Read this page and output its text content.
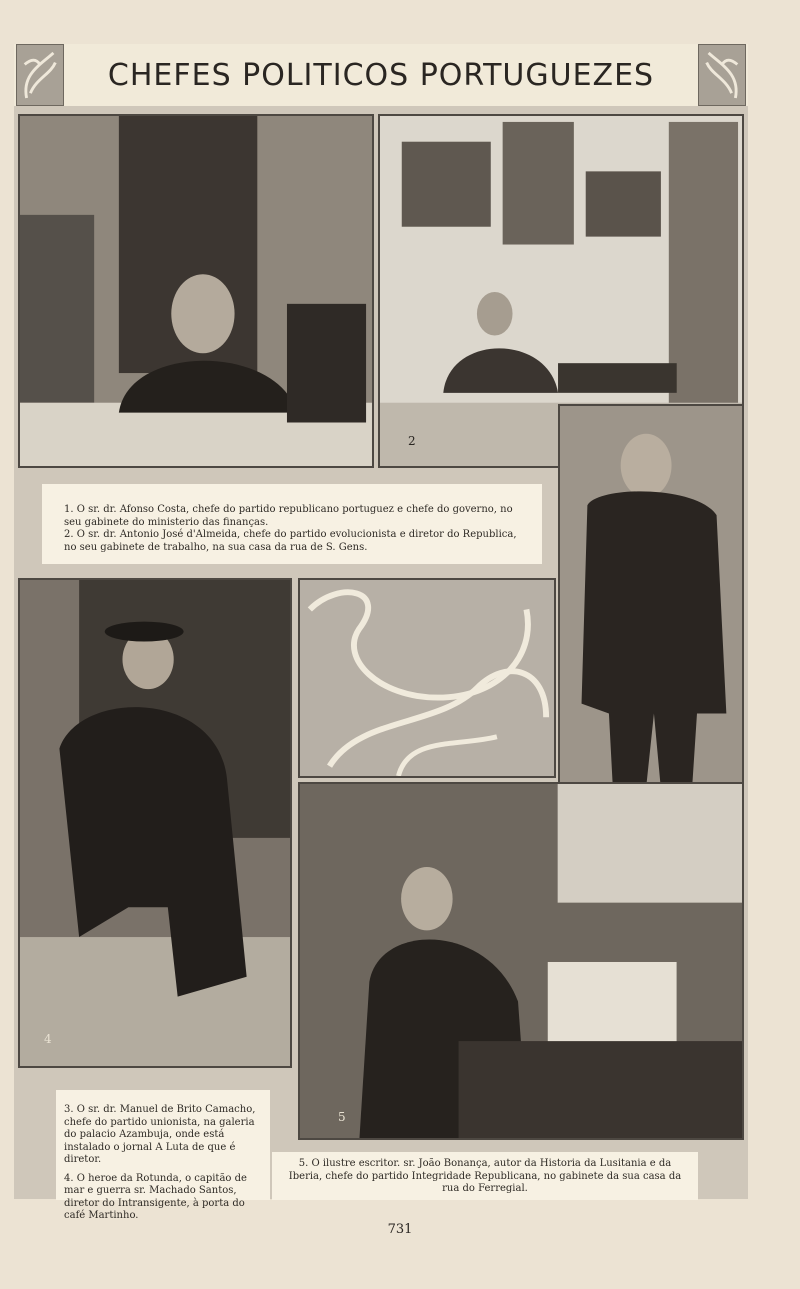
CHEFES POLITICOS PORTUGUEZES
2

1. O sr. dr. Afonso Costa, chefe do partido republicano portuguez e chefe do governo, no seu gabinete do ministerio das finanças.

2. O sr. dr. Antonio José d'Almeida, chefe do partido evolucionista e diretor do Republica, no seu gabinete de trabalho, na sua casa da rua de S. Gens.

4
5

3. O sr. dr. Manuel de Brito Camacho, chefe do partido unionista, na galeria do palacio Azambuja, onde está instalado o jornal A Luta de que é diretor.

4. O heroe da Rotunda, o capitão de mar e guerra sr. Machado Santos, diretor do Intransigente, à porta do café Martinho.

5. O ilustre escritor. sr. João Bonança, autor da Historia da Lusitania e da Iberia, chefe do partido Integridade Republicana, no gabinete da sua casa da rua do Ferregial.

731
